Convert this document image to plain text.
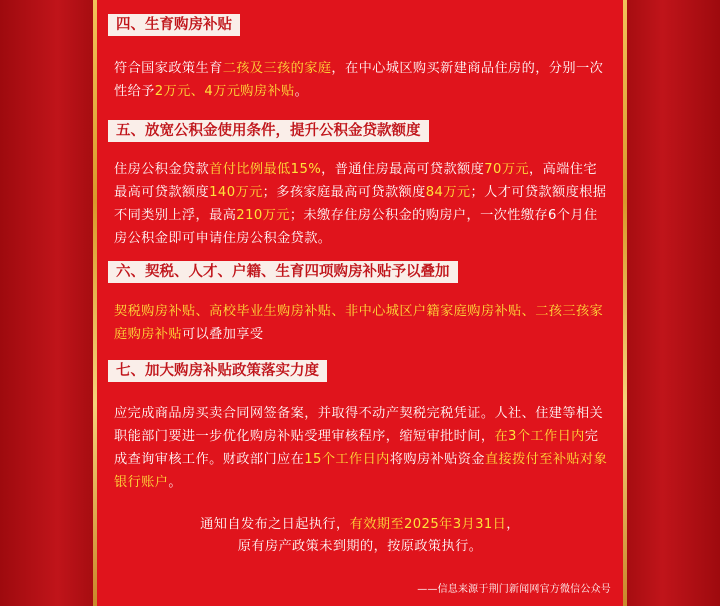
四、生育购房补贴
符合国家政策生育二孩及三孩的家庭，在中心城区购买新建商品住房的，分别一次性给予2万元、4万元购房补贴。
五、放宽公积金使用条件，提升公积金贷款额度
住房公积金贷款首付比例最低15%，普通住房最高可贷款额度70万元，高端住宅最高可贷款额度140万元；多孩家庭最高可贷款额度84万元；人才可贷款额度根据不同类别上浮，最高210万元；未缴存住房公积金的购房户，一次性缴存6个月住房公积金即可申请住房公积金贷款。
六、契税、人才、户籍、生育四项购房补贴予以叠加
契税购房补贴、高校毕业生购房补贴、非中心城区户籍家庭购房补贴、二孩三孩家庭购房补贴可以叠加享受
七、加大购房补贴政策落实力度
应完成商品房买卖合同网签备案，并取得不动产契税完税凭证。人社、住建等相关职能部门要进一步优化购房补贴受理审核程序，缩短审批时间，在3个工作日内完成查询审核工作。财政部门应在15个工作日内将购房补贴资金直接拨付至补贴对象银行账户。
通知自发布之日起执行，有效期至2025年3月31日，
原有房产政策未到期的，按原政策执行。
——信息来源于荆门新闻网官方微信公众号
